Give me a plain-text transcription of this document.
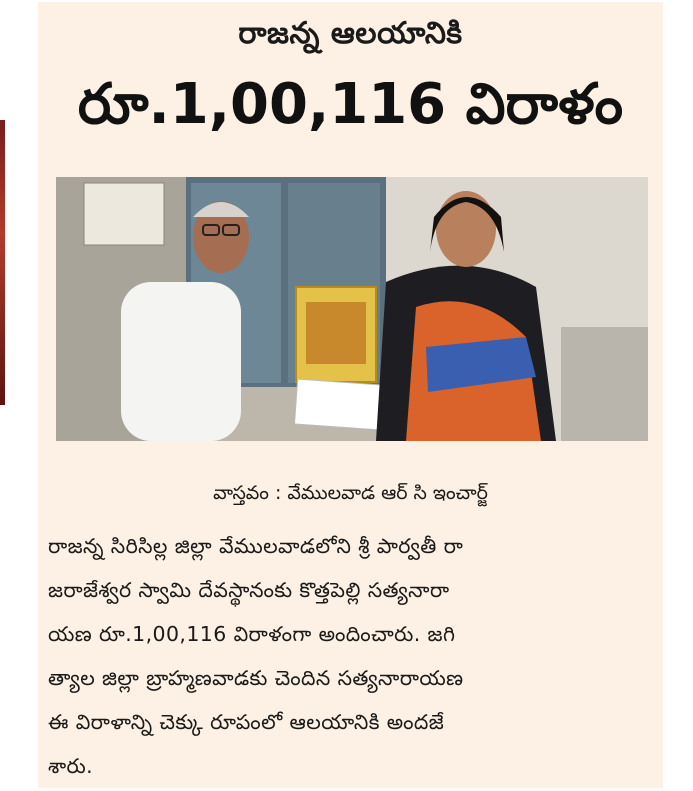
రాజన్న ఆలయానికి
రూ.1,00,116 విరాళం
వాస్తవం : వేములవాడ ఆర్ సి ఇంచార్జ్
రాజన్న సిరిసిల్ల జిల్లా వేములవాడలోని శ్రీ పార్వతీ రా
జరాజేశ్వర స్వామి దేవస్థానంకు కొత్తపెల్లి సత్యనారా
యణ రూ.1,00,116 విరాళంగా అందించారు. జగి
త్యాల జిల్లా బ్రాహ్మణవాడకు చెందిన సత్యనారాయణ
ఈ విరాళాన్ని చెక్కు రూపంలో ఆలయానికి అందజే
శారు.
